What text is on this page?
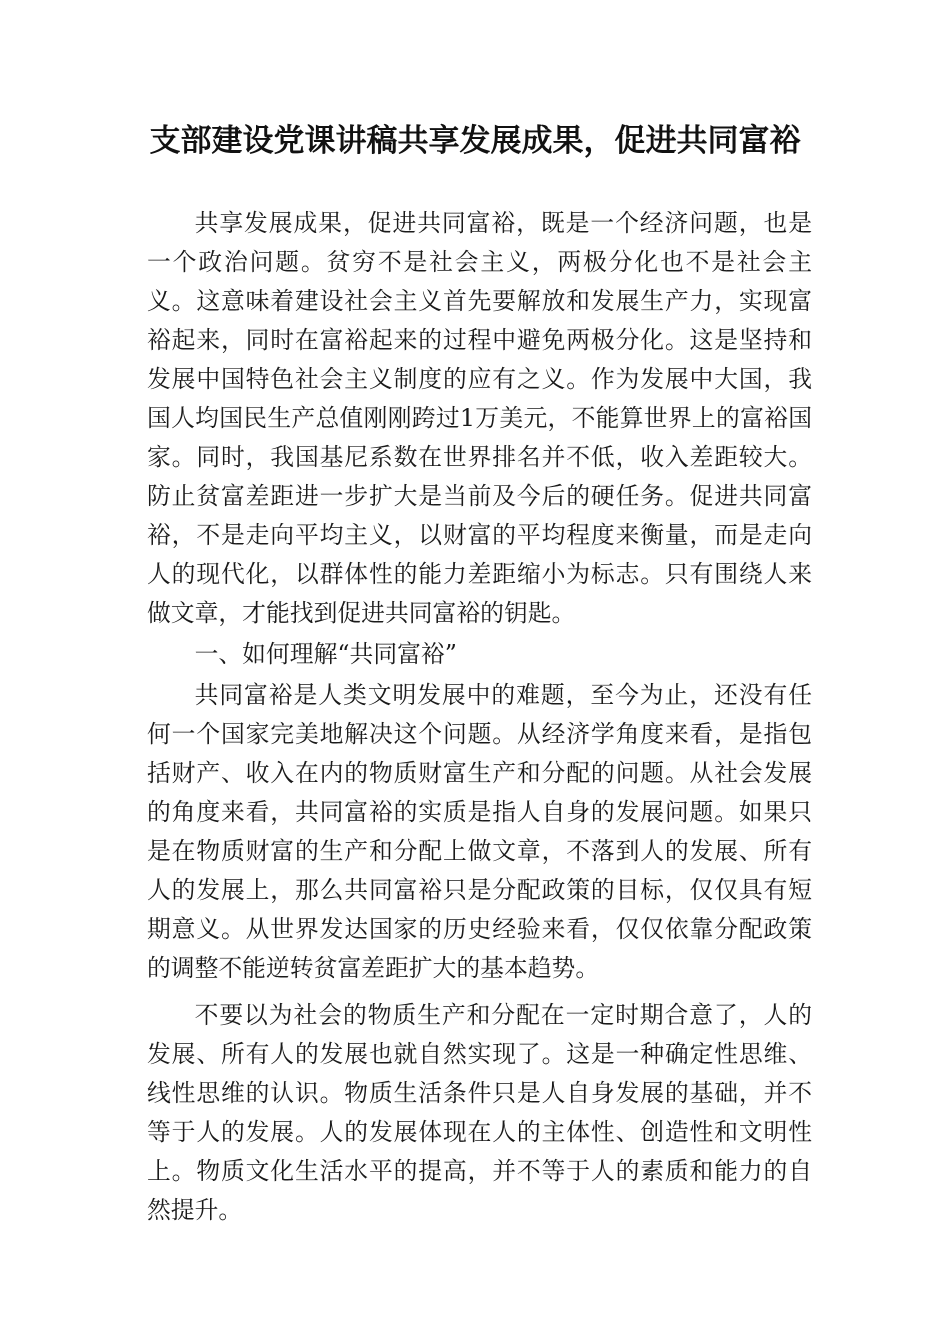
支部建设党课讲稿共享发展成果，促进共同富裕

共享发展成果，促进共同富裕，既是一个经济问题，也是一个政治问题。贫穷不是社会主义，两极分化也不是社会主义。这意味着建设社会主义首先要解放和发展生产力，实现富裕起来，同时在富裕起来的过程中避免两极分化。这是坚持和发展中国特色社会主义制度的应有之义。作为发展中大国，我国人均国民生产总值刚刚跨过1万美元，不能算世界上的富裕国家。同时，我国基尼系数在世界排名并不低，收入差距较大。防止贫富差距进一步扩大是当前及今后的硬任务。促进共同富裕，不是走向平均主义，以财富的平均程度来衡量，而是走向人的现代化，以群体性的能力差距缩小为标志。只有围绕人来做文章，才能找到促进共同富裕的钥匙。

一、如何理解“共同富裕”

共同富裕是人类文明发展中的难题，至今为止，还没有任何一个国家完美地解决这个问题。从经济学角度来看，是指包括财产、收入在内的物质财富生产和分配的问题。从社会发展的角度来看，共同富裕的实质是指人自身的发展问题。如果只是在物质财富的生产和分配上做文章，不落到人的发展、所有人的发展上，那么共同富裕只是分配政策的目标，仅仅具有短期意义。从世界发达国家的历史经验来看，仅仅依靠分配政策的调整不能逆转贫富差距扩大的基本趋势。

不要以为社会的物质生产和分配在一定时期合意了，人的发展、所有人的发展也就自然实现了。这是一种确定性思维、线性思维的认识。物质生活条件只是人自身发展的基础，并不等于人的发展。人的发展体现在人的主体性、创造性和文明性上。物质文化生活水平的提高，并不等于人的素质和能力的自然提升。
